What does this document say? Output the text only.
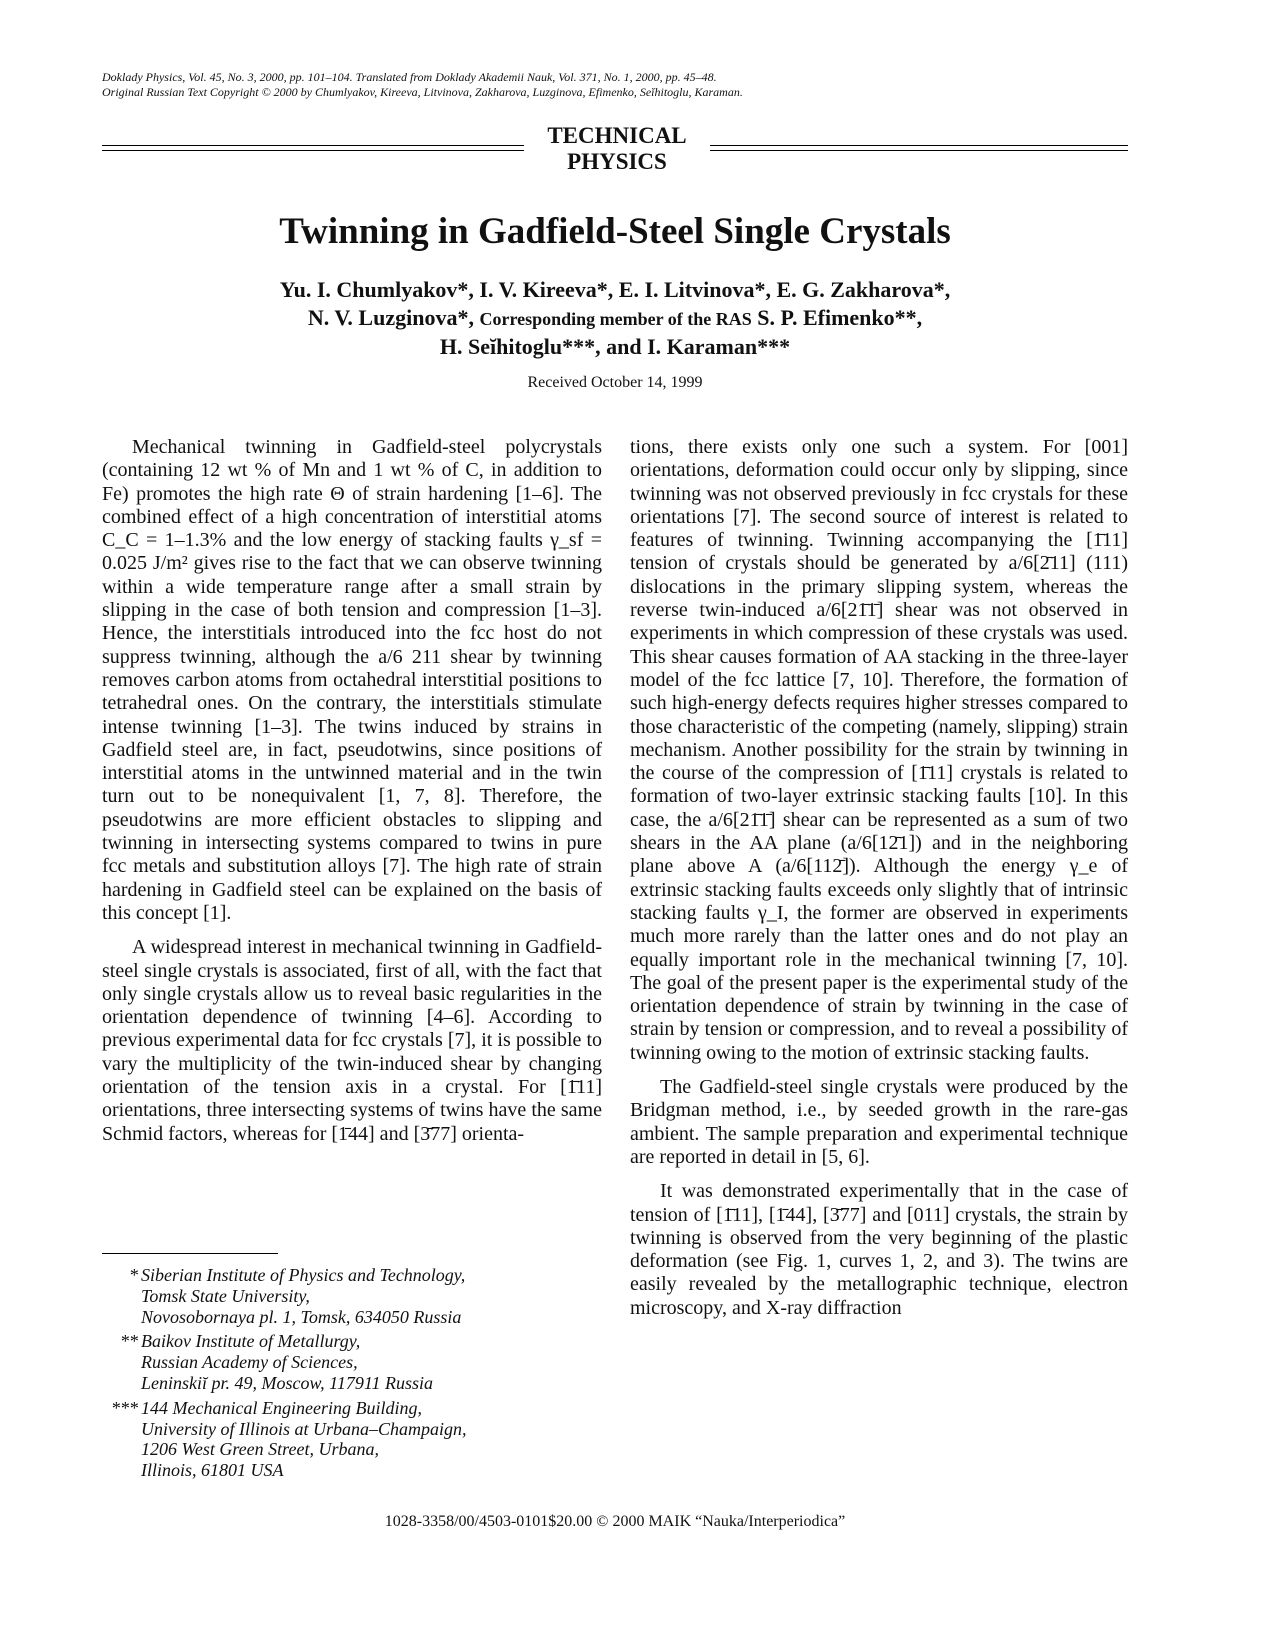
Doklady Physics, Vol. 45, No. 3, 2000, pp. 101–104. Translated from Doklady Akademii Nauk, Vol. 371, No. 1, 2000, pp. 45–48.
Original Russian Text Copyright © 2000 by Chumlyakov, Kireeva, Litvinova, Zakharova, Luzginova, Efimenko, Seĭhitoglu, Karaman.
TECHNICAL
PHYSICS
Twinning in Gadfield-Steel Single Crystals
Yu. I. Chumlyakov*, I. V. Kireeva*, E. I. Litvinova*, E. G. Zakharova*,
N. V. Luzginova*, Corresponding member of the RAS S. P. Efimenko**,
H. Seĭhitoglu***, and I. Karaman***
Received October 14, 1999

Mechanical twinning in Gadfield-steel polycrystals (containing 12 wt % of Mn and 1 wt % of C, in addition to Fe) promotes the high rate Θ of strain hardening [1–6]. The combined effect of a high concentration of interstitial atoms C_C = 1–1.3% and the low energy of stacking faults γ_sf = 0.025 J/m² gives rise to the fact that we can observe twinning within a wide temperature range after a small strain by slipping in the case of both tension and compression [1–3]. Hence, the interstitials introduced into the fcc host do not suppress twinning, although the a/6 211 shear by twinning removes carbon atoms from octahedral interstitial positions to tetrahedral ones. On the contrary, the interstitials stimulate intense twinning [1–3]. The twins induced by strains in Gadfield steel are, in fact, pseudotwins, since positions of interstitial atoms in the untwinned material and in the twin turn out to be nonequivalent [1, 7, 8]. Therefore, the pseudotwins are more efficient obstacles to slipping and twinning in intersecting systems compared to twins in pure fcc metals and substitution alloys [7]. The high rate of strain hardening in Gadfield steel can be explained on the basis of this concept [1].

A widespread interest in mechanical twinning in Gadfield-steel single crystals is associated, first of all, with the fact that only single crystals allow us to reveal basic regularities in the orientation dependence of twinning [4–6]. According to previous experimental data for fcc crystals [7], it is possible to vary the multiplicity of the twin-induced shear by changing orientation of the tension axis in a crystal. For [1̄11] orientations, three intersecting systems of twins have the same Schmid factors, whereas for [1̄44] and [3̄77] orienta-

tions, there exists only one such a system. For [001] orientations, deformation could occur only by slipping, since twinning was not observed previously in fcc crystals for these orientations [7]. The second source of interest is related to features of twinning. Twinning accompanying the [1̄11] tension of crystals should be generated by a/6[2̄11] (111) dislocations in the primary slipping system, whereas the reverse twin-induced a/6[21̄1̄] shear was not observed in experiments in which compression of these crystals was used. This shear causes formation of AA stacking in the three-layer model of the fcc lattice [7, 10]. Therefore, the formation of such high-energy defects requires higher stresses compared to those characteristic of the competing (namely, slipping) strain mechanism. Another possibility for the strain by twinning in the course of the compression of [1̄11] crystals is related to formation of two-layer extrinsic stacking faults [10]. In this case, the a/6[21̄1̄] shear can be represented as a sum of two shears in the AA plane (a/6[12̄1]) and in the neighboring plane above A (a/6[112̄]). Although the energy γ_e of extrinsic stacking faults exceeds only slightly that of intrinsic stacking faults γ_I, the former are observed in experiments much more rarely than the latter ones and do not play an equally important role in the mechanical twinning [7, 10]. The goal of the present paper is the experimental study of the orientation dependence of strain by twinning in the case of strain by tension or compression, and to reveal a possibility of twinning owing to the motion of extrinsic stacking faults.

The Gadfield-steel single crystals were produced by the Bridgman method, i.e., by seeded growth in the rare-gas ambient. The sample preparation and experimental technique are reported in detail in [5, 6].

It was demonstrated experimentally that in the case of tension of [1̄11], [1̄44], [3̄77] and [011] crystals, the strain by twinning is observed from the very beginning of the plastic deformation (see Fig. 1, curves 1, 2, and 3). The twins are easily revealed by the metallographic technique, electron microscopy, and X-ray diffraction

* Siberian Institute of Physics and Technology,
Tomsk State University,
Novosobornaya pl. 1, Tomsk, 634050 Russia
** Baikov Institute of Metallurgy,
Russian Academy of Sciences,
Leninskiĭ pr. 49, Moscow, 117911 Russia
*** 144 Mechanical Engineering Building,
University of Illinois at Urbana–Champaign,
1206 West Green Street, Urbana,
Illinois, 61801 USA
1028-3358/00/4503-0101$20.00 © 2000 MAIK “Nauka/Interperiodica”
